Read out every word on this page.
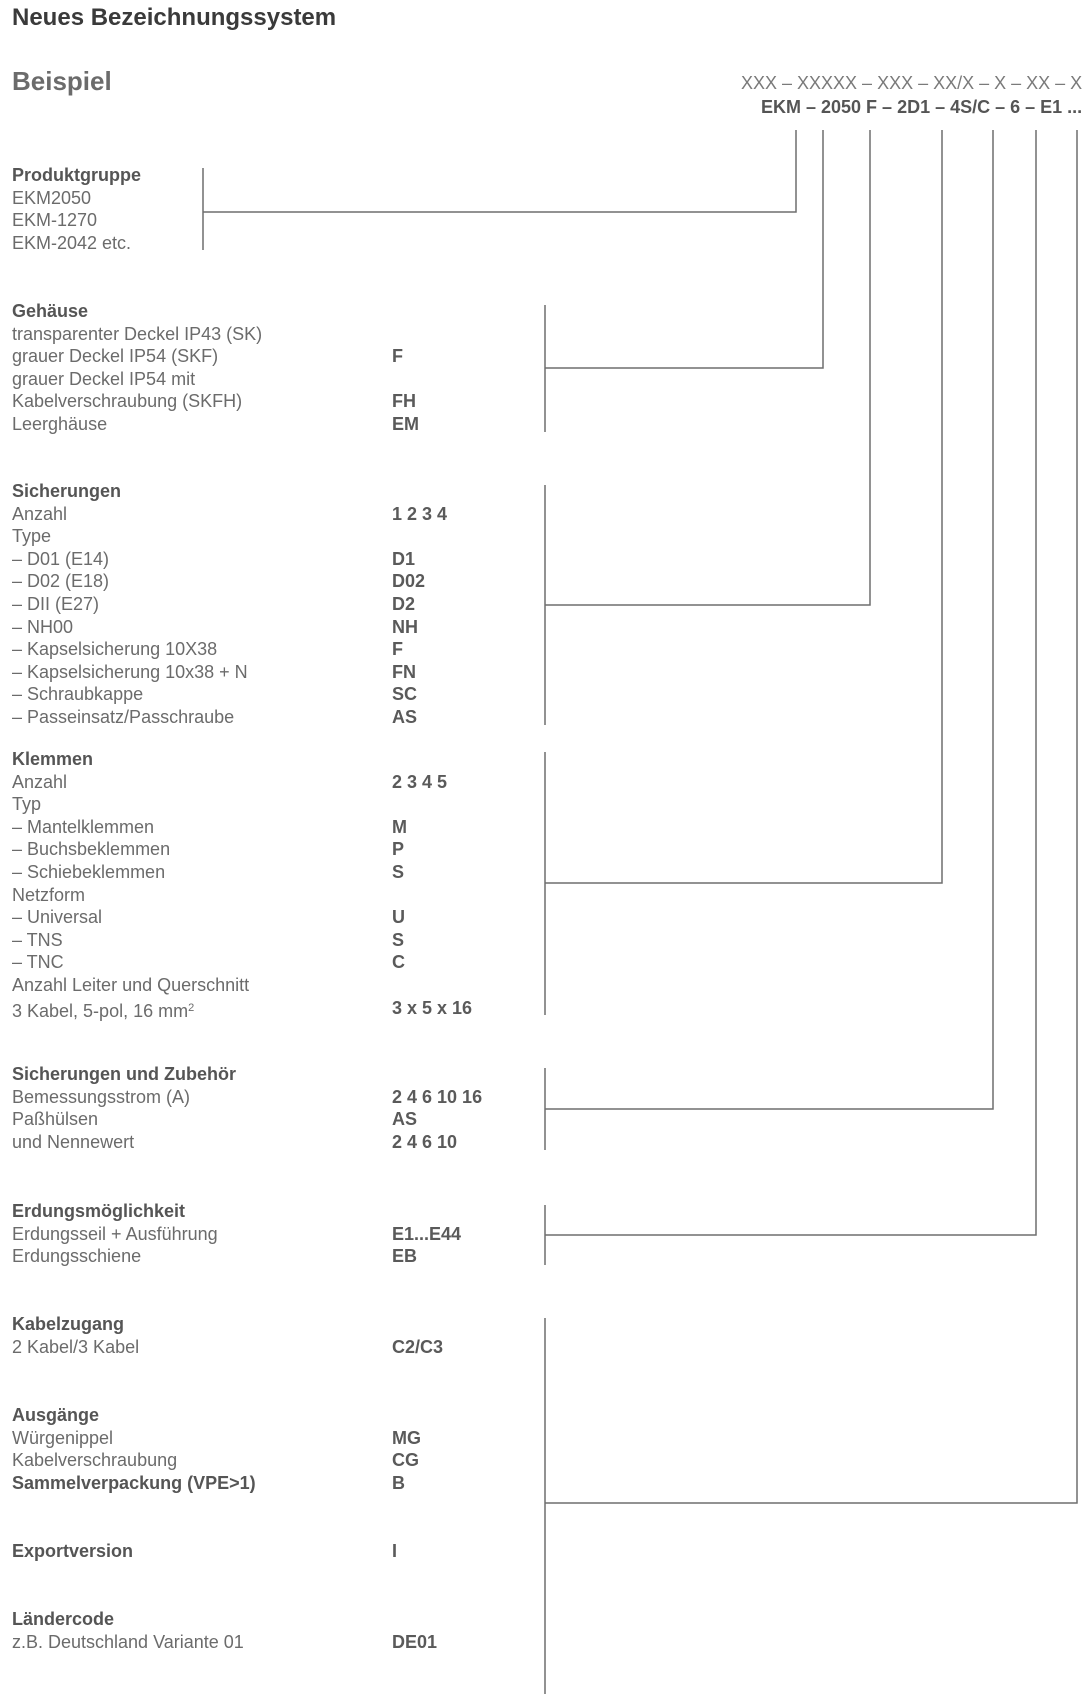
Neues Bezeichnungssystem
Beispiel	XXX – XXXXX – XXX – XX/X – X – XX – X
EKM – 2050 F – 2D1 – 4S/C – 6 – E1 ...
Produktgruppe
EKM2050
EKM-1270
EKM-2042 etc.
Gehäuse
transparenter Deckel IP43 (SK)
grauer Deckel IP54 (SKF)	F
grauer Deckel IP54 mit
Kabelverschraubung (SKFH)	FH
Leerghäuse	EM
Sicherungen
Anzahl	1 2 3 4
Type
– D01 (E14)	D1
– D02 (E18)	D02
– DII (E27)	D2
– NH00	NH
– Kapselsicherung 10X38	F
– Kapselsicherung 10x38 + N	FN
– Schraubkappe	SC
– Passeinsatz/Passchraube	AS
Klemmen
Anzahl	2 3 4 5
Typ
– Mantelklemmen	M
– Buchsbeklemmen	P
– Schiebeklemmen	S
Netzform
– Universal	U
– TNS	S
– TNC	C
Anzahl Leiter und Querschnitt
3 Kabel, 5-pol, 16 $mm^2$	3 x 5 x 16
Sicherungen und Zubehör
Bemessungsstrom (A)	2 4 6 10 16
Paßhülsen	AS
und Nennewert	2 4 6 10
Erdungsmöglichkeit
Erdungsseil + Ausführung	E1...E44
Erdungsschiene	EB
Kabelzugang
2 Kabel/3 Kabel	C2/C3
Ausgänge
Würgenippel	MG
Kabelverschraubung	CG
Sammelverpackung (VPE>1)	B
Exportversion	I
Ländercode
z.B. Deutschland Variante 01	DE01
